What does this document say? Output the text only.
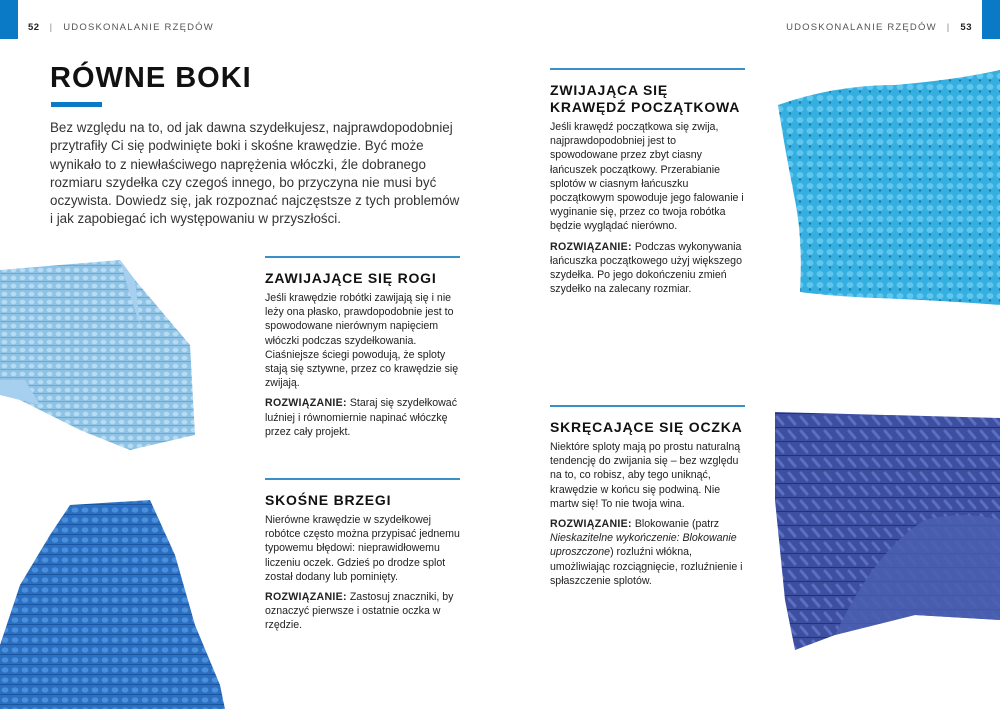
52 | UDOSKONALANIE RZĘDÓW
RÓWNE BOKI

Bez względu na to, od jak dawna szydełkujesz, najprawdopodobniej przytrafiły Ci się podwinięte boki i skośne krawędzie. Być może wynikało to z niewłaściwego naprężenia włóczki, źle dobranego rozmiaru szydełka czy czegoś innego, bo przyczyna nie musi być oczywista. Dowiedz się, jak rozpoznać najczęstsze z tych problemów i jak zapobiegać ich występowaniu w przyszłości.

ZAWIJAJĄCE SIĘ ROGI

Jeśli krawędzie robótki zawijają się i nie leży ona płasko, prawdopodobnie jest to spowodowane nierównym napięciem włóczki podczas szydełkowania. Ciaśniejsze ściegi powodują, że sploty stają się sztywne, przez co krawędzie się zwijają.

ROZWIĄZANIE: Staraj się szydełkować luźniej i równomiernie napinać włóczkę przez cały projekt.

SKOŚNE BRZEGI

Nierówne krawędzie w szydełkowej robótce często można przypisać jednemu typowemu błędowi: nieprawidłowemu liczeniu oczek. Gdzieś po drodze splot został dodany lub pominięty.

ROZWIĄZANIE: Zastosuj znaczniki, by oznaczyć pierwsze i ostatnie oczka w rzędzie.

UDOSKONALANIE RZĘDÓW | 53
ZWIJAJĄCA SIĘ KRAWĘDŹ POCZĄTKOWA

Jeśli krawędź początkowa się zwija, najprawdopodobniej jest to spowodowane przez zbyt ciasny łańcuszek początkowy. Przerabianie splotów w ciasnym łańcuszku początkowym spowoduje jego falowanie i wyginanie się, przez co twoja robótka będzie wyglądać nierówno.

ROZWIĄZANIE: Podczas wykonywania łańcuszka początkowego użyj większego szydełka. Po jego dokończeniu zmień szydełko na zalecany rozmiar.

SKRĘCAJĄCE SIĘ OCZKA

Niektóre sploty mają po prostu naturalną tendencję do zwijania się – bez względu na to, co robisz, aby tego uniknąć, krawędzie w końcu się podwiną. Nie martw się! To nie twoja wina.

ROZWIĄZANIE: Blokowanie (patrz Nieskazitelne wykończenie: Blokowanie uproszczone) rozluźni włókna, umożliwiając rozciągnięcie, rozluźnienie i spłaszczenie splotów.
